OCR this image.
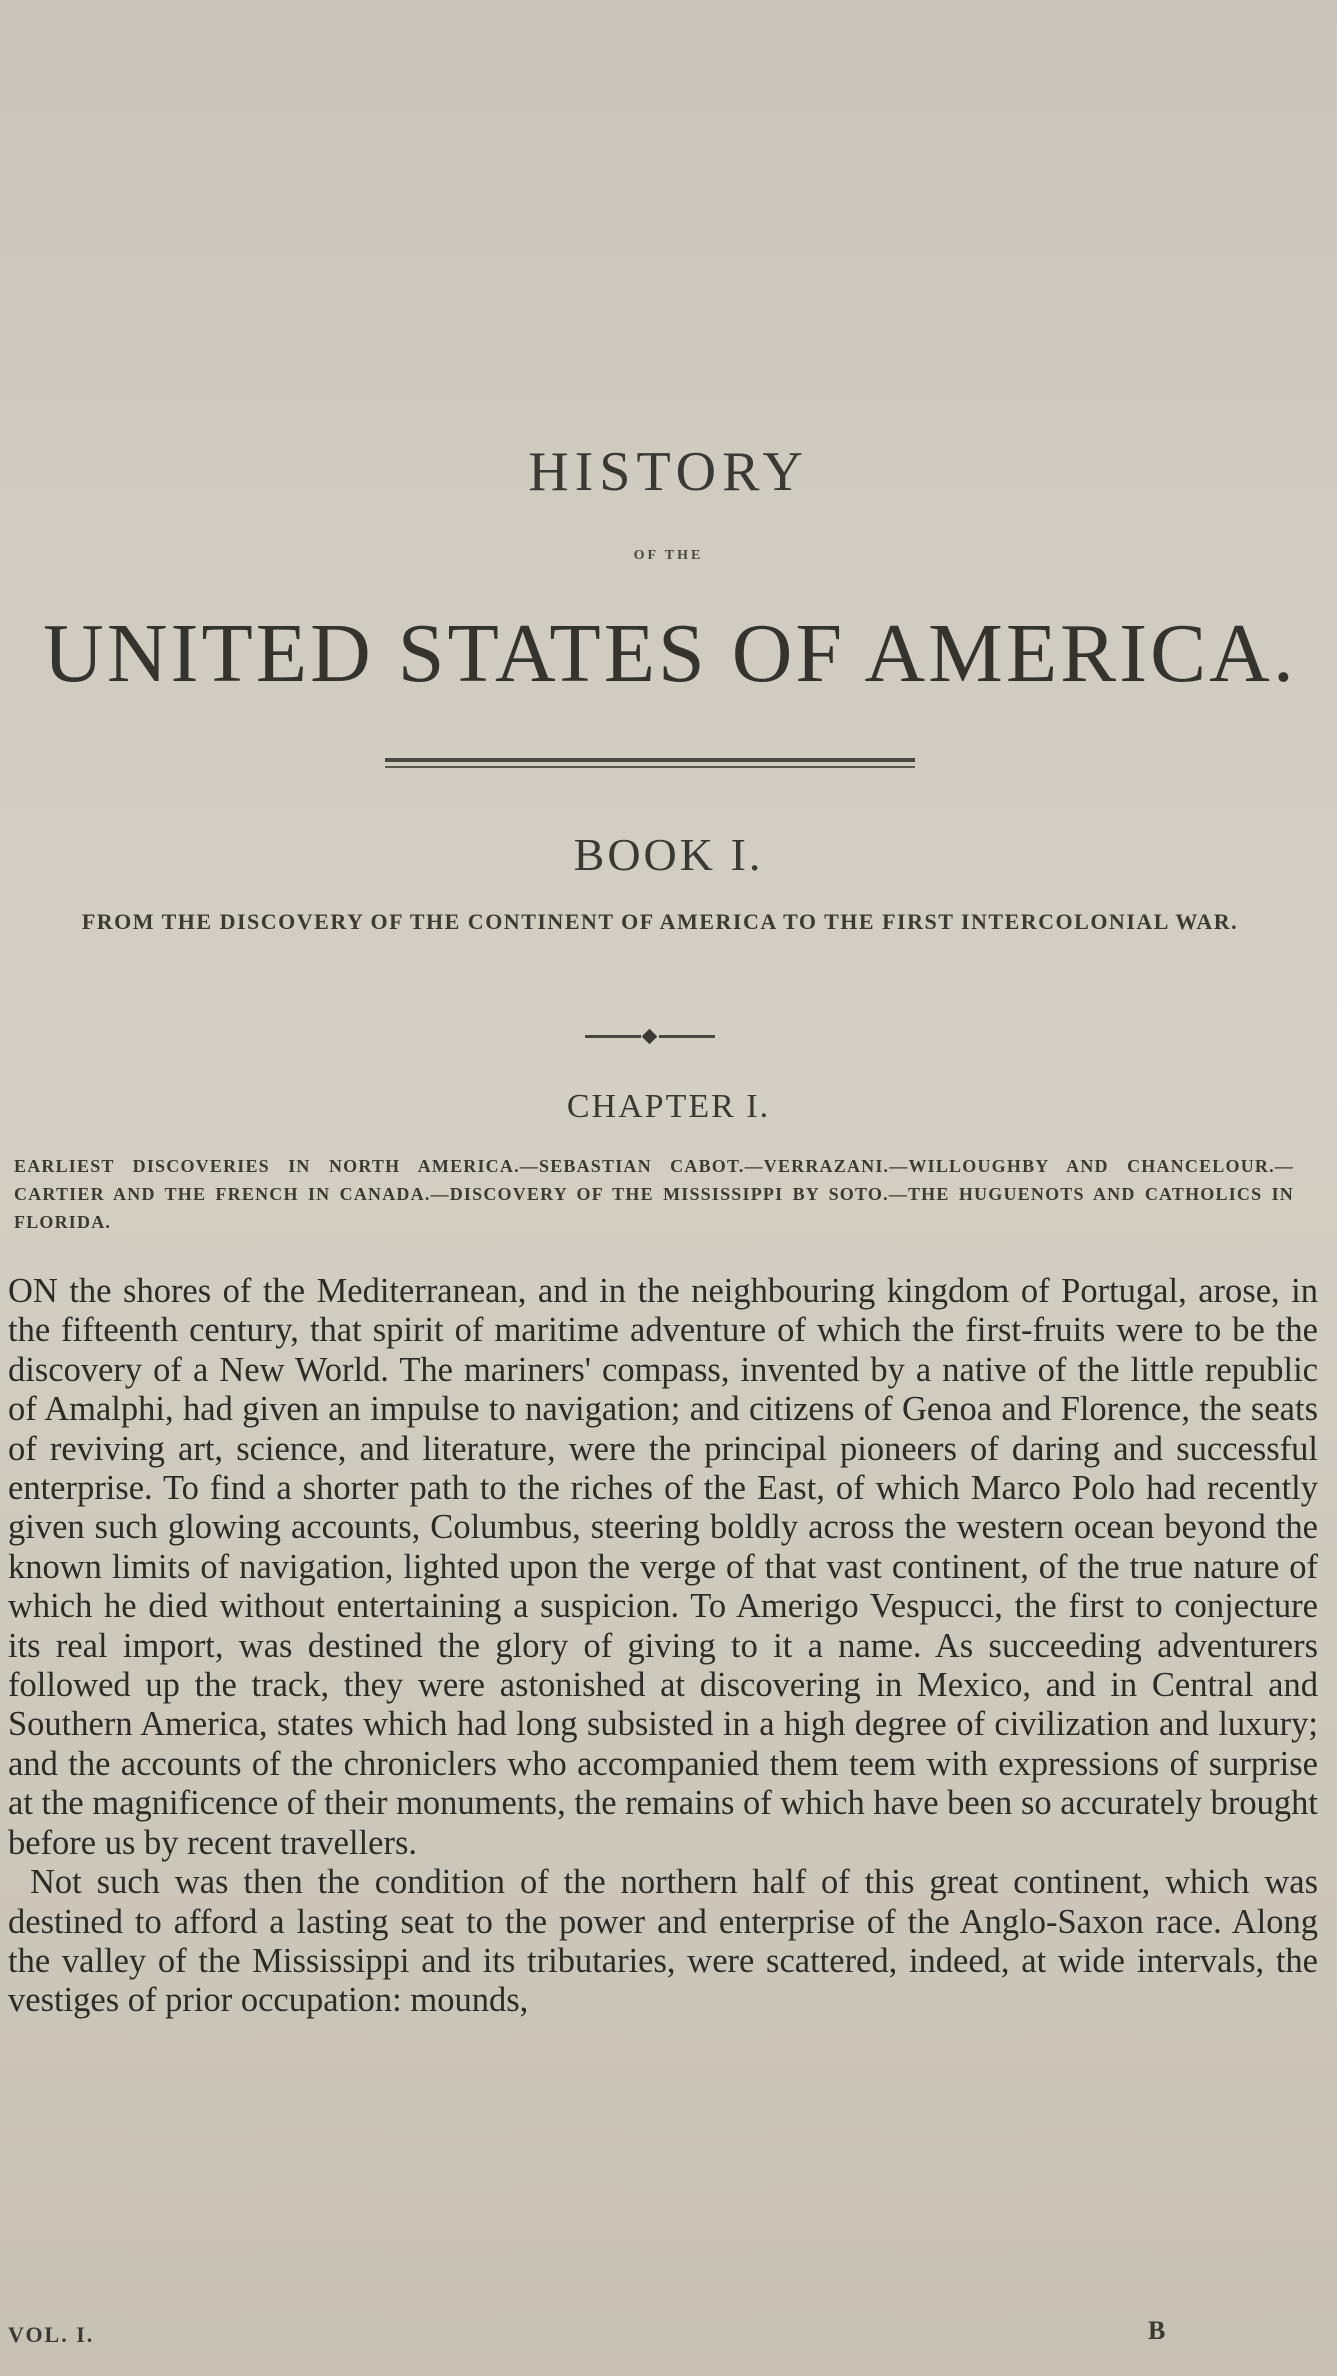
HISTORY
OF THE
UNITED STATES OF AMERICA.
BOOK I.
FROM THE DISCOVERY OF THE CONTINENT OF AMERICA TO THE FIRST INTERCOLONIAL WAR.
CHAPTER I.
EARLIEST DISCOVERIES IN NORTH AMERICA.—SEBASTIAN CABOT.—VERRAZANI.—WILLOUGHBY AND CHANCELOUR.—CARTIER AND THE FRENCH IN CANADA.—DISCOVERY OF THE MISSISSIPPI BY SOTO.—THE HUGUENOTS AND CATHOLICS IN FLORIDA.

ON the shores of the Mediterranean, and in the neighbouring kingdom of Portugal, arose, in the fifteenth century, that spirit of maritime adventure of which the first-fruits were to be the discovery of a New World. The mariners' compass, invented by a native of the little republic of Amalphi, had given an impulse to navigation; and citizens of Genoa and Florence, the seats of reviving art, science, and literature, were the principal pioneers of daring and successful enterprise. To find a shorter path to the riches of the East, of which Marco Polo had recently given such glowing accounts, Columbus, steering boldly across the western ocean beyond the known limits of navigation, lighted upon the verge of that vast continent, of the true nature of which he died without entertaining a suspicion. To Amerigo Vespucci, the first to conjecture its real import, was destined the glory of giving to it a name. As succeeding adventurers followed up the track, they were astonished at discovering in Mexico, and in Central and Southern America, states which had long subsisted in a high degree of civilization and luxury; and the accounts of the chroniclers who accompanied them teem with expressions of surprise at the magnificence of their monuments, the remains of which have been so accurately brought before us by recent travellers.

Not such was then the condition of the northern half of this great continent, which was destined to afford a lasting seat to the power and enterprise of the Anglo-Saxon race. Along the valley of the Mississippi and its tributaries, were scattered, indeed, at wide intervals, the vestiges of prior occupation: mounds,

VOL. I.	B
